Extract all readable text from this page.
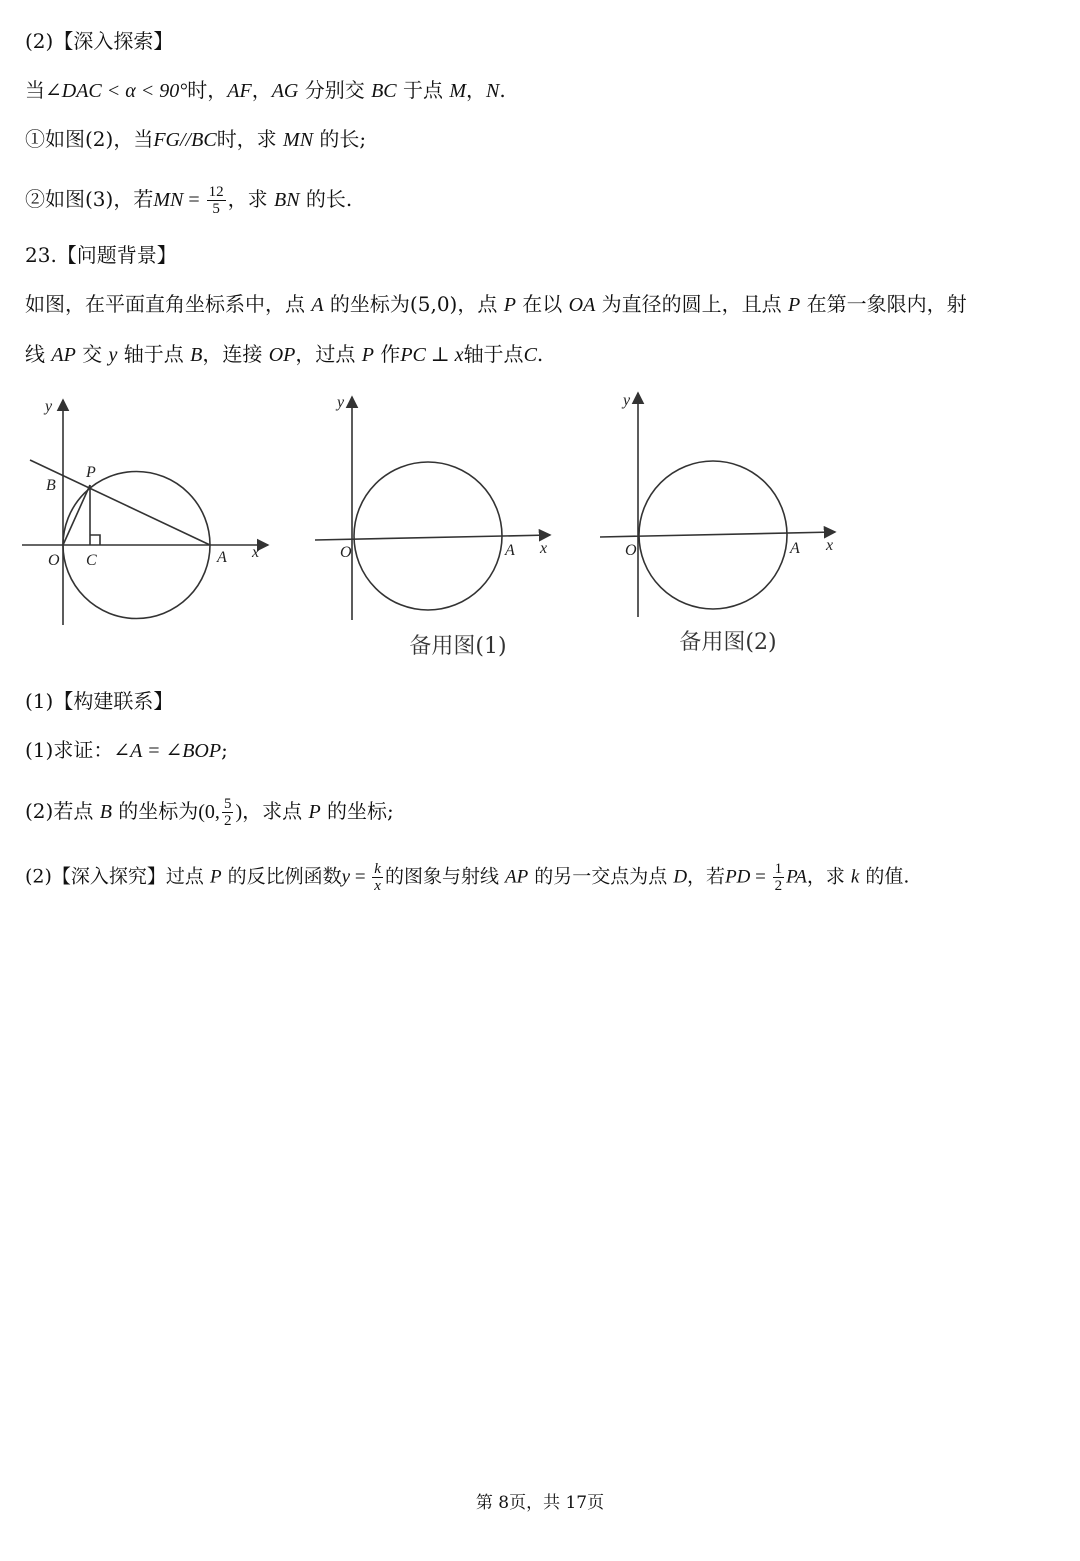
(2)【深入探索】
当∠DAC < α < 90°时，AF，AG 分别交 BC 于点 M，N.
①如图(2)，当FG//BC时，求 MN 的长;
②如图(3)，若MN = $\frac{12}{5}$ ，求 BN 的长.
23.【问题背景】
如图，在平面直角坐标系中，点 A 的坐标为(5,0)，点 P 在以 OA 为直径的圆上，且点 P 在第一象限内，射
线 AP 交 y 轴于点 B，连接 OP，过点 P 作PC ⊥ x轴于点C.
y
x
O	A
B
P
C
y
x
O	A
备用图(1)
y
x
O	A
备用图(2)
(1)【构建联系】
(1)求证：∠A = ∠BOP;
(2)若点 B 的坐标为(0, $\frac{5}{2}$ )，求点 P 的坐标;
(2)【深入探究】过点 P 的反比例函数$y = \frac{k}{x}$ 的图象与射线 AP 的另一交点为点 D，若PD = $\frac{1}{2}$ PA，求 k 的值.
第 8页，共 17页
